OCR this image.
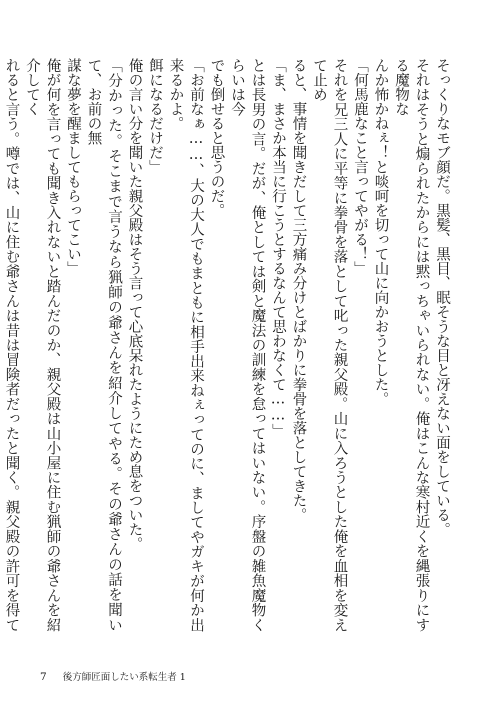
そっくりなモブ顔だ。黒髪、黒目、眠そうな目と冴えない面をしている。

それはそうと煽られたからには黙っちゃいられない。俺はこんな寒村近くを縄張りにする魔物な

んか怖かねぇ！と啖呵を切って山に向かおうとした。

「何馬鹿なこと言ってやがる！」

それを兄三人に平等に拳骨を落として叱った親父殿。山に入ろうとした俺を血相を変えて止め

ると、事情を聞きだして三方痛み分けとばかりに拳骨を落としてきた。

「ま、まさか本当に行こうとするなんて思わなくて……」

とは長男の言。だが、俺としては剣と魔法の訓練を怠ってはいない。序盤の雑魚魔物くらいは今

でも倒せると思うのだ。

「お前なぁ……、大の大人でもまともに相手出来ねぇってのに、ましてやガキが何か出来るかよ。

餌になるだけだ」

俺の言い分を聞いた親父殿はそう言って心底呆れたようにため息をついた。

「分かった。そこまで言うなら猟師の爺さんを紹介してやる。その爺さんの話を聞いて、お前の無

謀な夢を醒ましてもらってこい」

俺が何を言っても聞き入れないと踏んだのか、親父殿は山小屋に住む猟師の爺さんを紹介してく

れると言う。噂では、山に住む爺さんは昔は冒険者だったと聞く。親父殿の許可を得て

7 後方師匠面したい系転生者 1
